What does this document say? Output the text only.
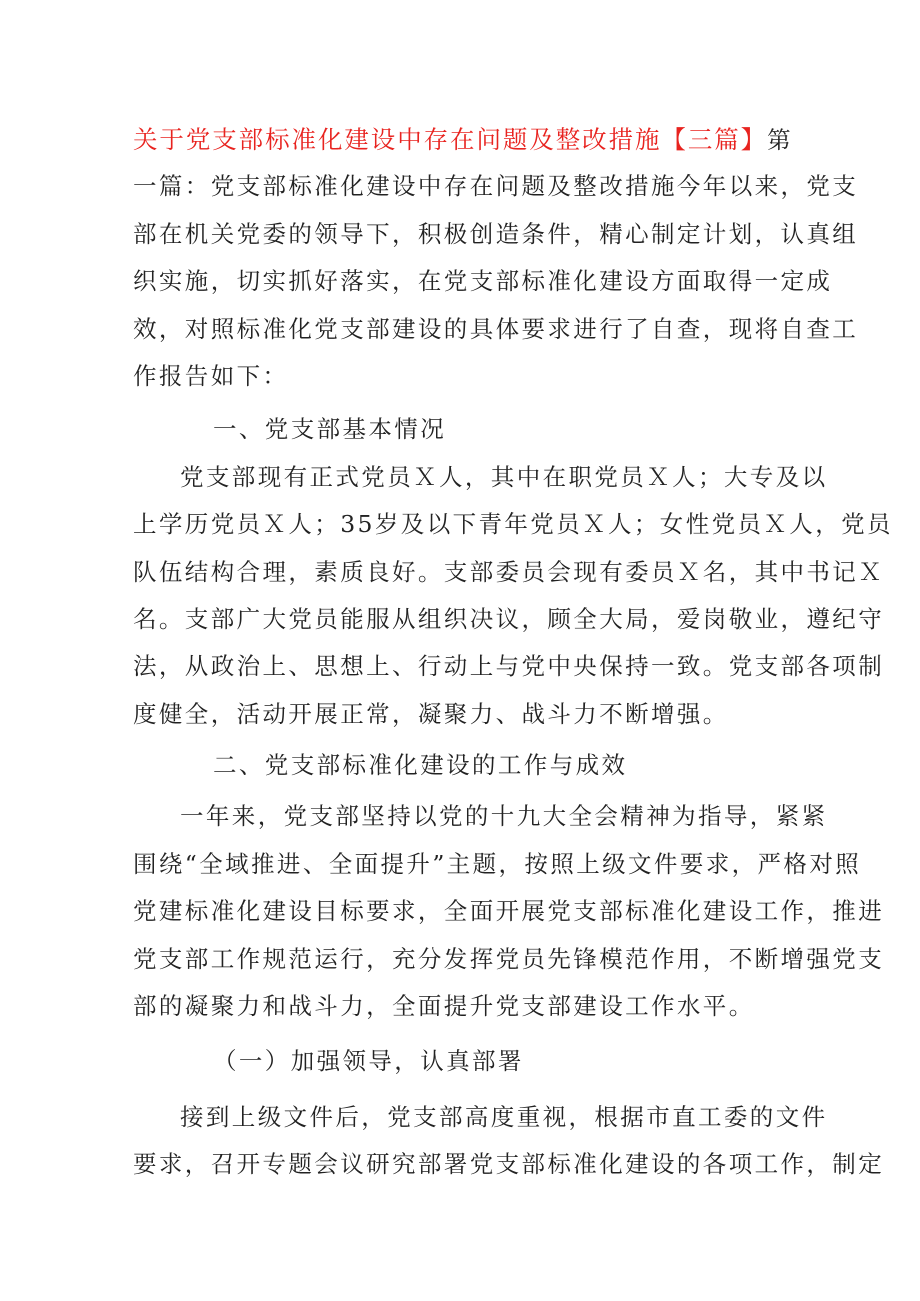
关于党支部标准化建设中存在问题及整改措施【三篇】第
一篇：党支部标准化建设中存在问题及整改措施今年以来，党支
部在机关党委的领导下，积极创造条件，精心制定计划，认真组
织实施，切实抓好落实，在党支部标准化建设方面取得一定成
效，对照标准化党支部建设的具体要求进行了自查，现将自查工
作报告如下：
一、党支部基本情况
党支部现有正式党员Ｘ人，其中在职党员Ｘ人；大专及以
上学历党员Ｘ人；35岁及以下青年党员Ｘ人；女性党员Ｘ人，党员
队伍结构合理，素质良好。支部委员会现有委员Ｘ名，其中书记Ｘ
名。支部广大党员能服从组织决议，顾全大局，爱岗敬业，遵纪守
法，从政治上、思想上、行动上与党中央保持一致。党支部各项制
度健全，活动开展正常，凝聚力、战斗力不断增强。
二、党支部标准化建设的工作与成效
一年来，党支部坚持以党的十九大全会精神为指导，紧紧
围绕“全域推进、全面提升”主题，按照上级文件要求，严格对照
党建标准化建设目标要求，全面开展党支部标准化建设工作，推进
党支部工作规范运行，充分发挥党员先锋模范作用，不断增强党支
部的凝聚力和战斗力，全面提升党支部建设工作水平。
（一）加强领导，认真部署
接到上级文件后，党支部高度重视，根据市直工委的文件
要求，召开专题会议研究部署党支部标准化建设的各项工作，制定
